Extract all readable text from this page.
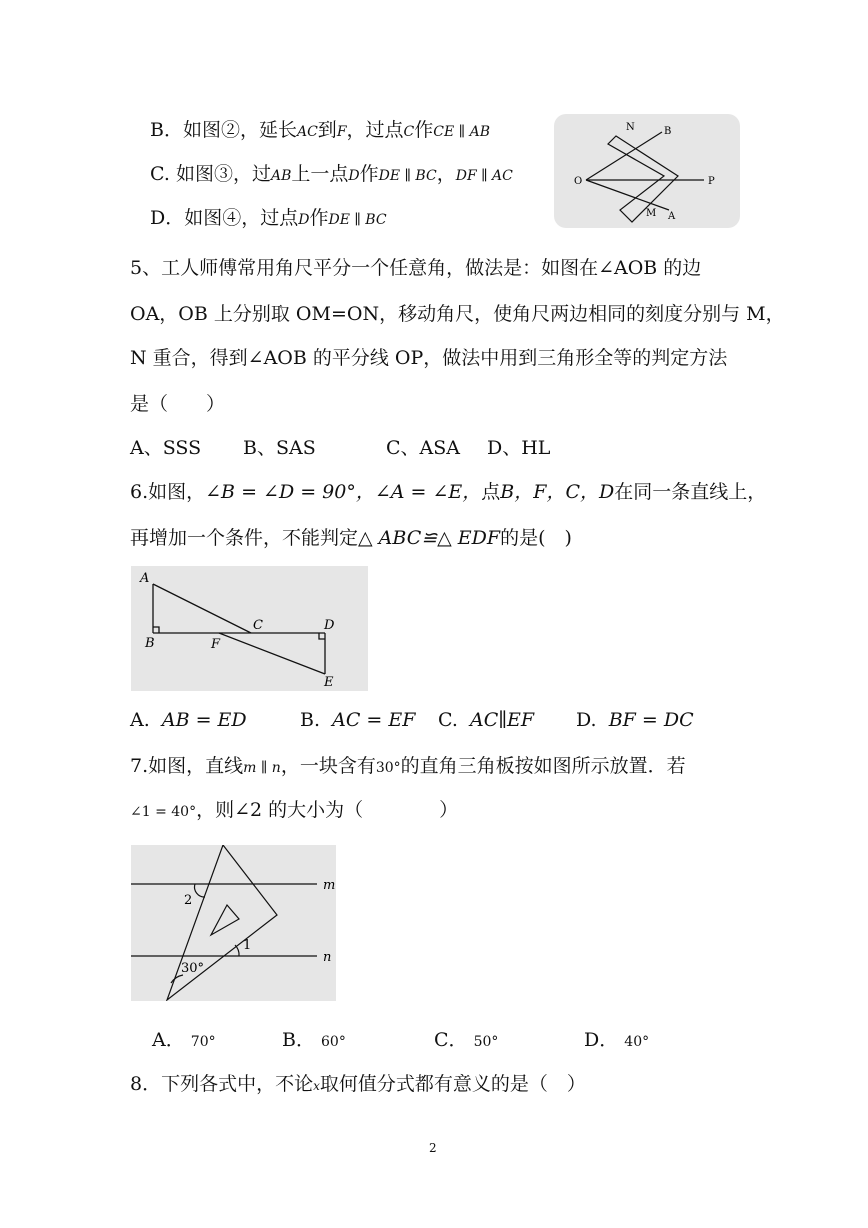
B．如图②，延长AC到F，过点C作CE ∥ AB
C. 如图③，过AB上一点D作DE ∥ BC，DF ∥ AC
D．如图④，过点D作DE ∥ BC
N	B
O	P
M A
5、工人师傅常用角尺平分一个任意角，做法是：如图在∠AOB 的边
OA，OB 上分别取 OM=ON，移动角尺，使角尺两边相同的刻度分别与 M，
N 重合，得到∠AOB 的平分线 OP，做法中用到三角形全等的判定方法
是（　　）
A、SSS B、SAS	C、ASA D、HL
6.如图，∠B = ∠D = 90°，∠A = ∠E，点B，F，C，D在同一条直线上，
再增加一个条件，不能判定△ ABC≌△ EDF的是(　)
A
B
C	D
F
E
A. AB = ED	B. AC = EF C. AC∥EF D. BF = DC
7.如图，直线m ∥ n，一块含有30°的直角三角板按如图所示放置．若
∠1 = 40°，则∠2 的大小为（　　　　）
m
n
1
2
30°
A． 70°	B． 60°	C． 50°	D． 40°
8．下列各式中，不论x取何值分式都有意义的是（　）
2
